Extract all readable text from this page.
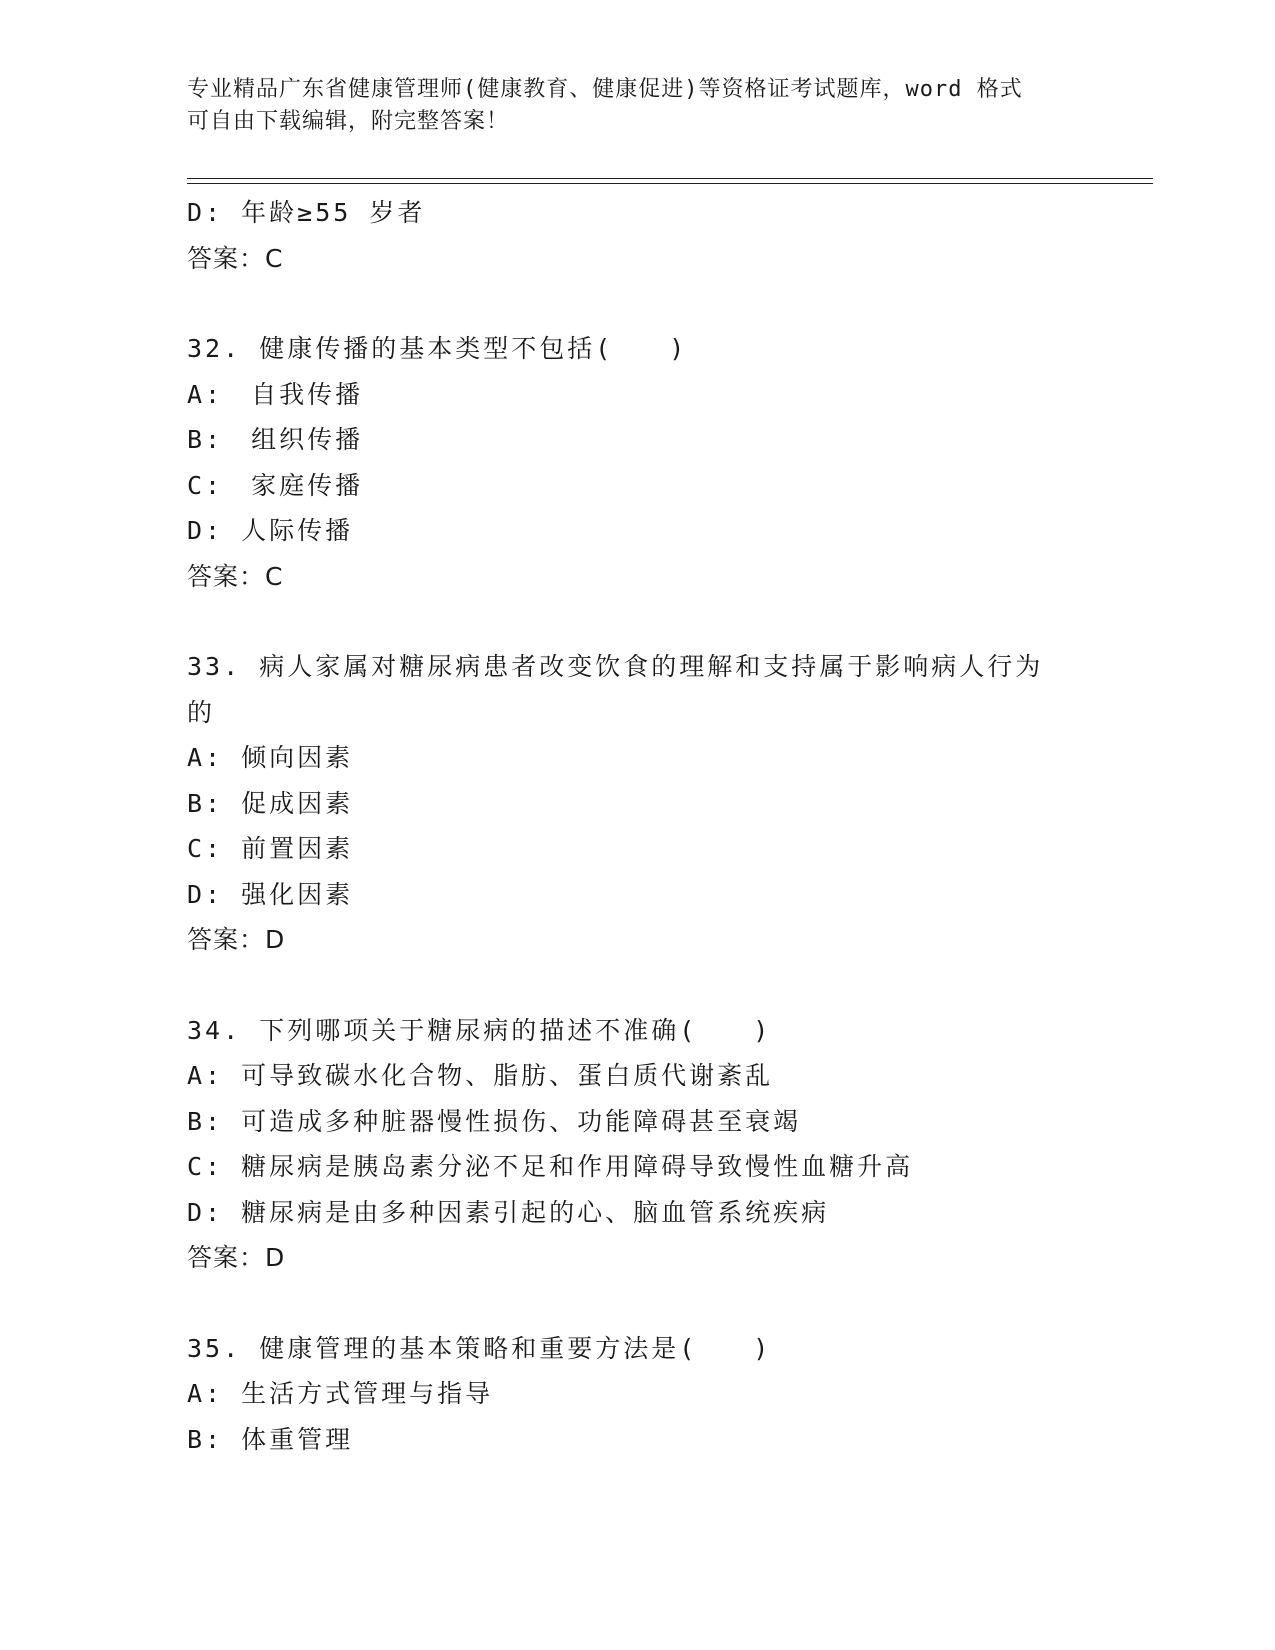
专业精品广东省健康管理师(健康教育、健康促进)等资格证考试题库，word 格式
可自由下载编辑，附完整答案！
D: 年龄≥55 岁者
答案：C
32. 健康传播的基本类型不包括(　　)
A:　自我传播
B:　组织传播
C:　家庭传播
D: 人际传播
答案：C
33. 病人家属对糖尿病患者改变饮食的理解和支持属于影响病人行为
的
A: 倾向因素
B: 促成因素
C: 前置因素
D: 强化因素
答案：D
34. 下列哪项关于糖尿病的描述不准确(　　)
A: 可导致碳水化合物、脂肪、蛋白质代谢紊乱
B: 可造成多种脏器慢性损伤、功能障碍甚至衰竭
C: 糖尿病是胰岛素分泌不足和作用障碍导致慢性血糖升高
D: 糖尿病是由多种因素引起的心、脑血管系统疾病
答案：D
35. 健康管理的基本策略和重要方法是(　　)
A: 生活方式管理与指导
B: 体重管理
